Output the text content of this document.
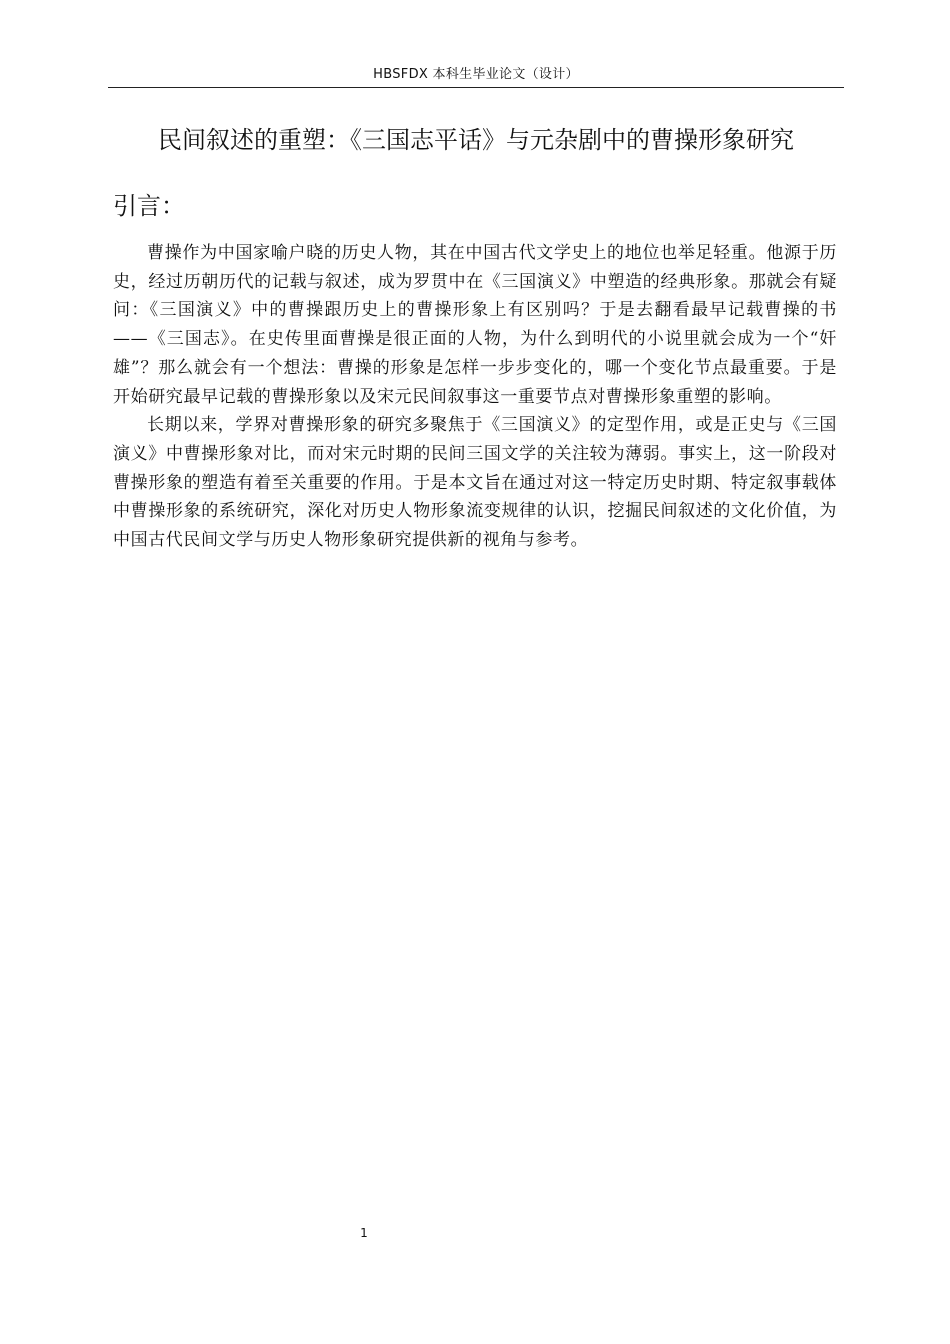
HBSFDX 本科生毕业论文（设计）
民间叙述的重塑：《三国志平话》与元杂剧中的曹操形象研究
引言：

曹操作为中国家喻户晓的历史人物，其在中国古代文学史上的地位也举足轻重。他源于历史，经过历朝历代的记载与叙述，成为罗贯中在《三国演义》中塑造的经典形象。那就会有疑问：《三国演义》中的曹操跟历史上的曹操形象上有区别吗？于是去翻看最早记载曹操的书——《三国志》。在史传里面曹操是很正面的人物，为什么到明代的小说里就会成为一个“奸雄”？那么就会有一个想法：曹操的形象是怎样一步步变化的，哪一个变化节点最重要。于是开始研究最早记载的曹操形象以及宋元民间叙事这一重要节点对曹操形象重塑的影响。

长期以来，学界对曹操形象的研究多聚焦于《三国演义》的定型作用，或是正史与《三国演义》中曹操形象对比，而对宋元时期的民间三国文学的关注较为薄弱。事实上，这一阶段对曹操形象的塑造有着至关重要的作用。于是本文旨在通过对这一特定历史时期、特定叙事载体中曹操形象的系统研究，深化对历史人物形象流变规律的认识，挖掘民间叙述的文化价值，为中国古代民间文学与历史人物形象研究提供新的视角与参考。

1
